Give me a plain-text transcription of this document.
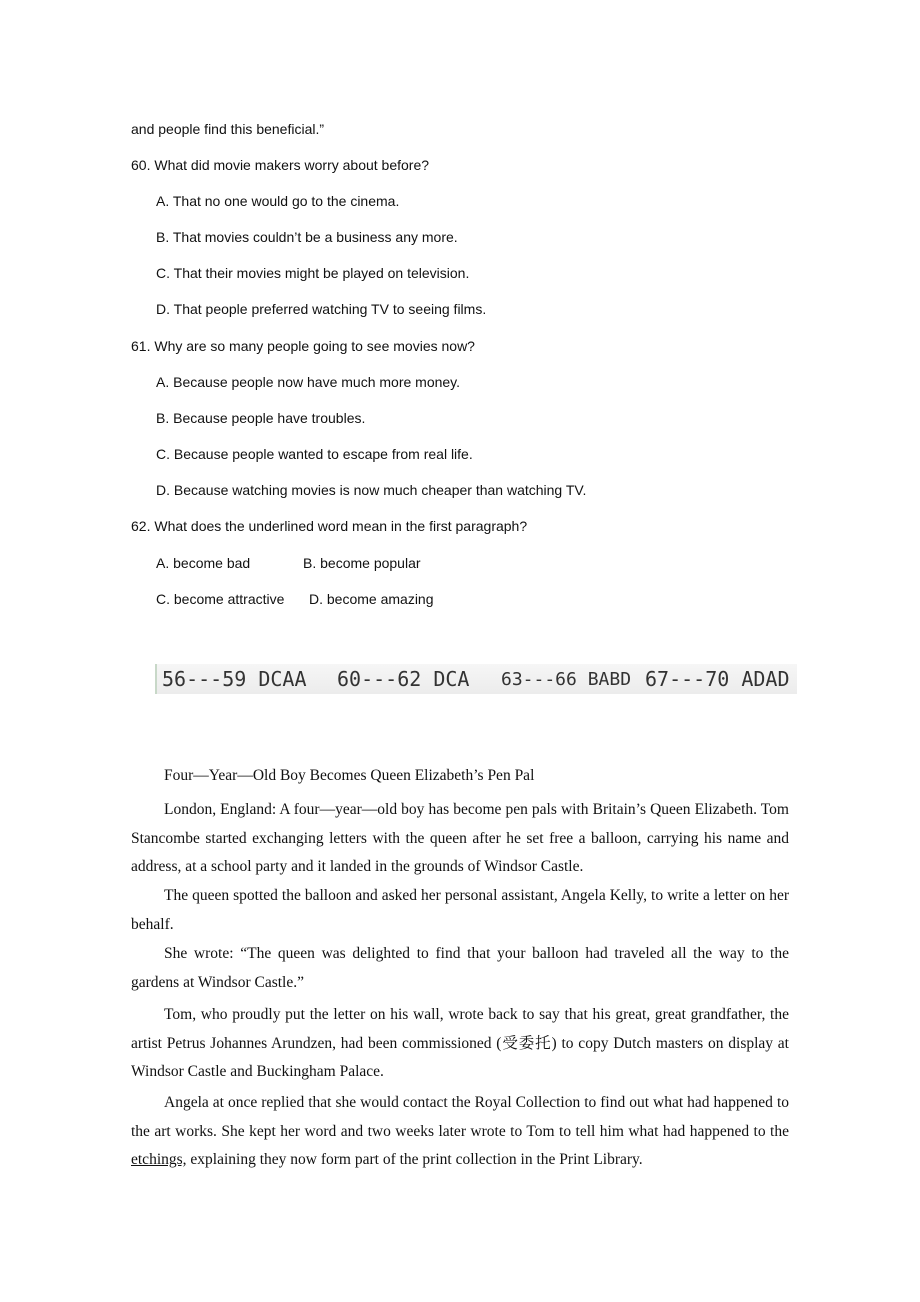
and people find this beneficial.”
60. What did movie makers worry about before?
A. That no one would go to the cinema.
B. That movies couldn’t be a business any more.
C. That their movies might be played on television.
D. That people preferred watching TV to seeing films.
61. Why are so many people going to see movies now?
A. Because people now have much more money.
B. Because people have troubles.
C. Because people wanted to escape from real life.
D. Because watching movies is now much cheaper than watching TV.
62. What does the underlined word mean in the first paragraph?
A. become bad	B. become popular
C. become attractive D. become amazing
56---59 DCAA 60---62 DCA 63---66 BABD 67---70 ADAD
Four—Year—Old Boy Becomes Queen Elizabeth’s Pen Pal
London, England: A four—year—old boy has become pen pals with Britain’s Queen Elizabeth. Tom Stancombe started exchanging letters with the queen after he set free a balloon, carrying his name and address, at a school party and it landed in the grounds of Windsor Castle.
The queen spotted the balloon and asked her personal assistant, Angela Kelly, to write a letter on her behalf.
She wrote: “The queen was delighted to find that your balloon had traveled all the way to the gardens at Windsor Castle.”
Tom, who proudly put the letter on his wall, wrote back to say that his great, great grandfather, the artist Petrus Johannes Arundzen, had been commissioned (受委托) to copy Dutch masters on display at Windsor Castle and Buckingham Palace.
Angela at once replied that she would contact the Royal Collection to find out what had happened to the art works. She kept her word and two weeks later wrote to Tom to tell him what had happened to the etchings, explaining they now form part of the print collection in the Print Library.
